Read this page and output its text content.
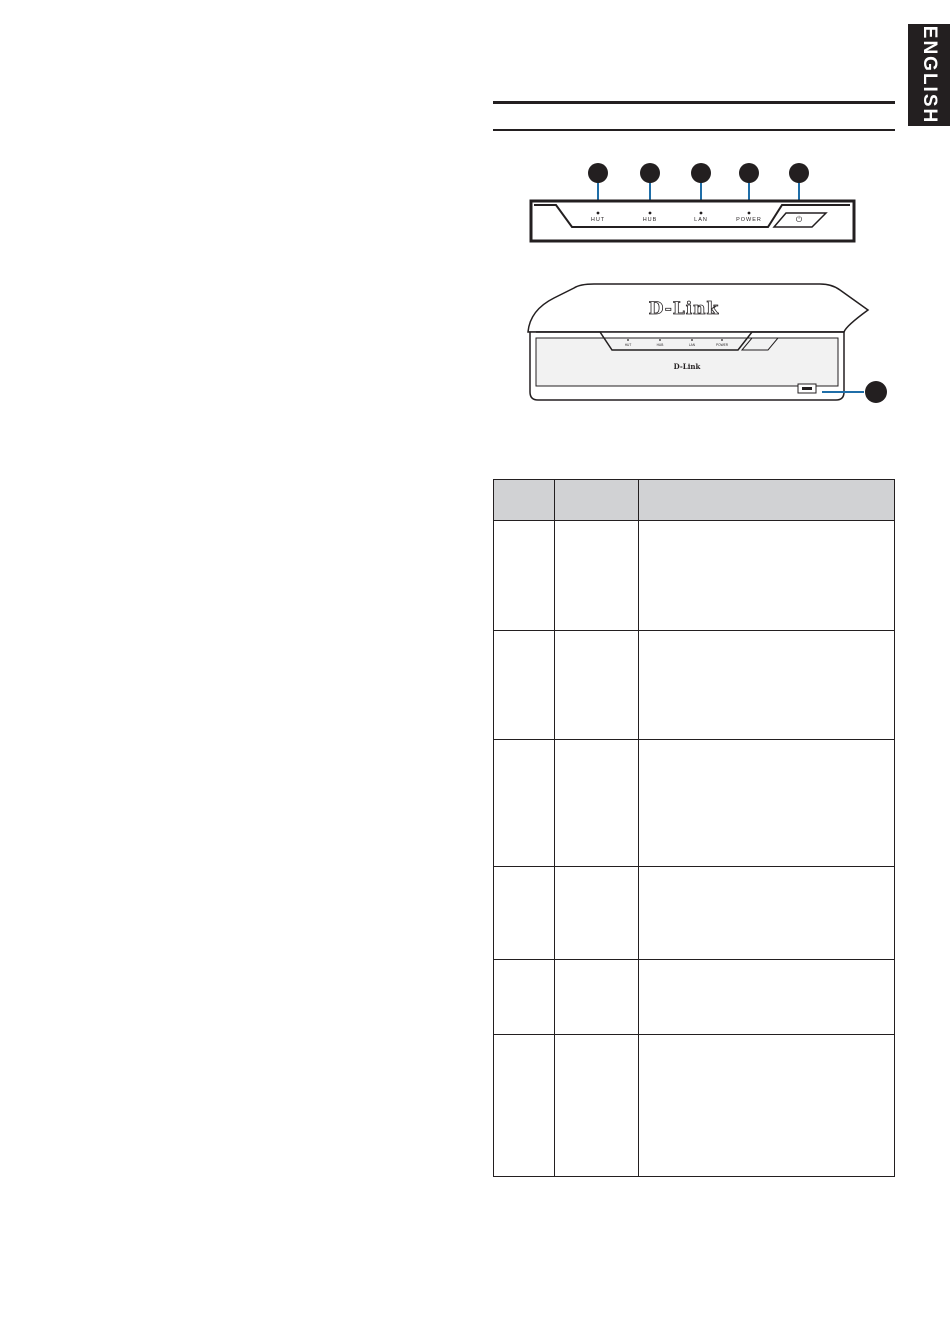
ENGLISH
HUT	HUB	LAN	POWER	⏻
HUT	HUB	LAN	POWER
D-Link
D-Link
